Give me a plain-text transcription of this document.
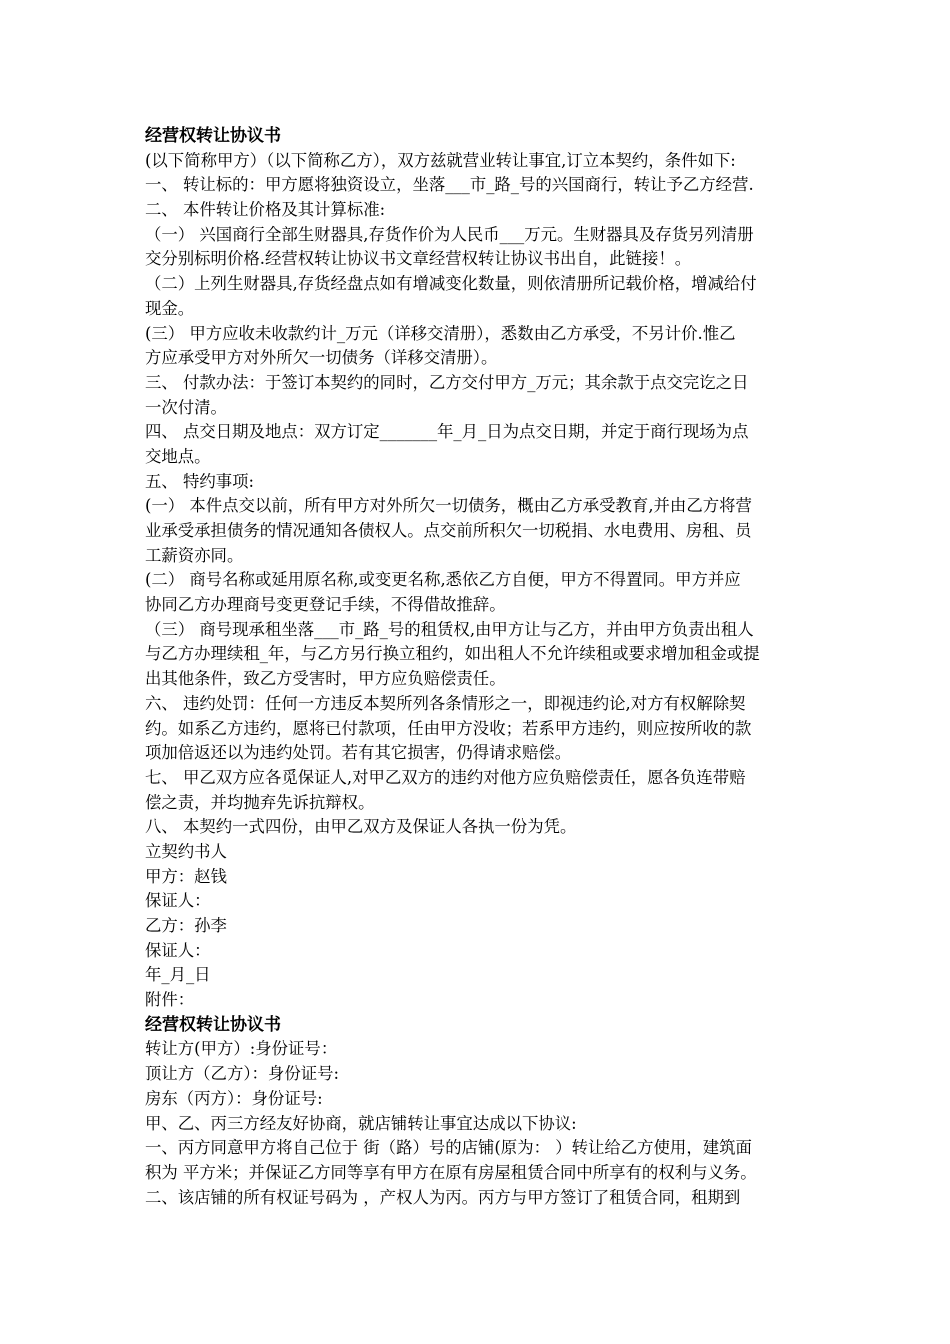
经营权转让协议书
(以下简称甲方）（以下简称乙方），双方兹就营业转让事宜,订立本契约，条件如下:
一、 转让标的：甲方愿将独资设立，坐落___市_路_号的兴国商行，转让予乙方经营.
二、 本件转让价格及其计算标准:
（一） 兴国商行全部生财器具,存货作价为人民币___万元。生财器具及存货另列清册
交分别标明价格.经营权转让协议书文章经营权转让协议书出自，此链接！。
（二）上列生财器具,存货经盘点如有增减变化数量，则依清册所记载价格，增减给付
现金。
(三） 甲方应收未收款约计_万元（详移交清册），悉数由乙方承受，不另计价.惟乙
方应承受甲方对外所欠一切债务（详移交清册）。
三、 付款办法：于签订本契约的同时，乙方交付甲方_万元；其余款于点交完讫之日
一次付清。
四、 点交日期及地点：双方订定_______年_月_日为点交日期，并定于商行现场为点
交地点。
五、 特约事项:
(一） 本件点交以前，所有甲方对外所欠一切债务，概由乙方承受教育,并由乙方将营
业承受承担债务的情况通知各债权人。点交前所积欠一切税捐、水电费用、房租、员
工薪资亦同。
(二） 商号名称或延用原名称,或变更名称,悉依乙方自便，甲方不得置同。甲方并应
协同乙方办理商号变更登记手续，不得借故推辞。
（三） 商号现承租坐落___市_路_号的租赁权,由甲方让与乙方，并由甲方负责出租人
与乙方办理续租_年，与乙方另行换立租约，如出租人不允许续租或要求增加租金或提
出其他条件，致乙方受害时，甲方应负赔偿责任。
六、 违约处罚：任何一方违反本契所列各条情形之一，即视违约论,对方有权解除契
约。如系乙方违约，愿将已付款项，任由甲方没收；若系甲方违约，则应按所收的款
项加倍返还以为违约处罚。若有其它损害，仍得请求赔偿。
七、 甲乙双方应各觅保证人,对甲乙双方的违约对他方应负赔偿责任，愿各负连带赔
偿之责，并均抛弃先诉抗辩权。
八、 本契约一式四份，由甲乙双方及保证人各执一份为凭。
立契约书人
甲方：赵钱
保证人：
乙方：孙李
保证人：
年_月_日
附件：
经营权转让协议书
转让方(甲方）:身份证号：
顶让方（乙方）：身份证号:
房东（丙方）：身份证号:
甲、乙、丙三方经友好协商，就店铺转让事宜达成以下协议:
一、丙方同意甲方将自己位于 街（路）号的店铺(原为： ）转让给乙方使用，建筑面
积为 平方米；并保证乙方同等享有甲方在原有房屋租赁合同中所享有的权利与义务。
二、该店铺的所有权证号码为 ，产权人为丙。丙方与甲方签订了租赁合同，租期到
